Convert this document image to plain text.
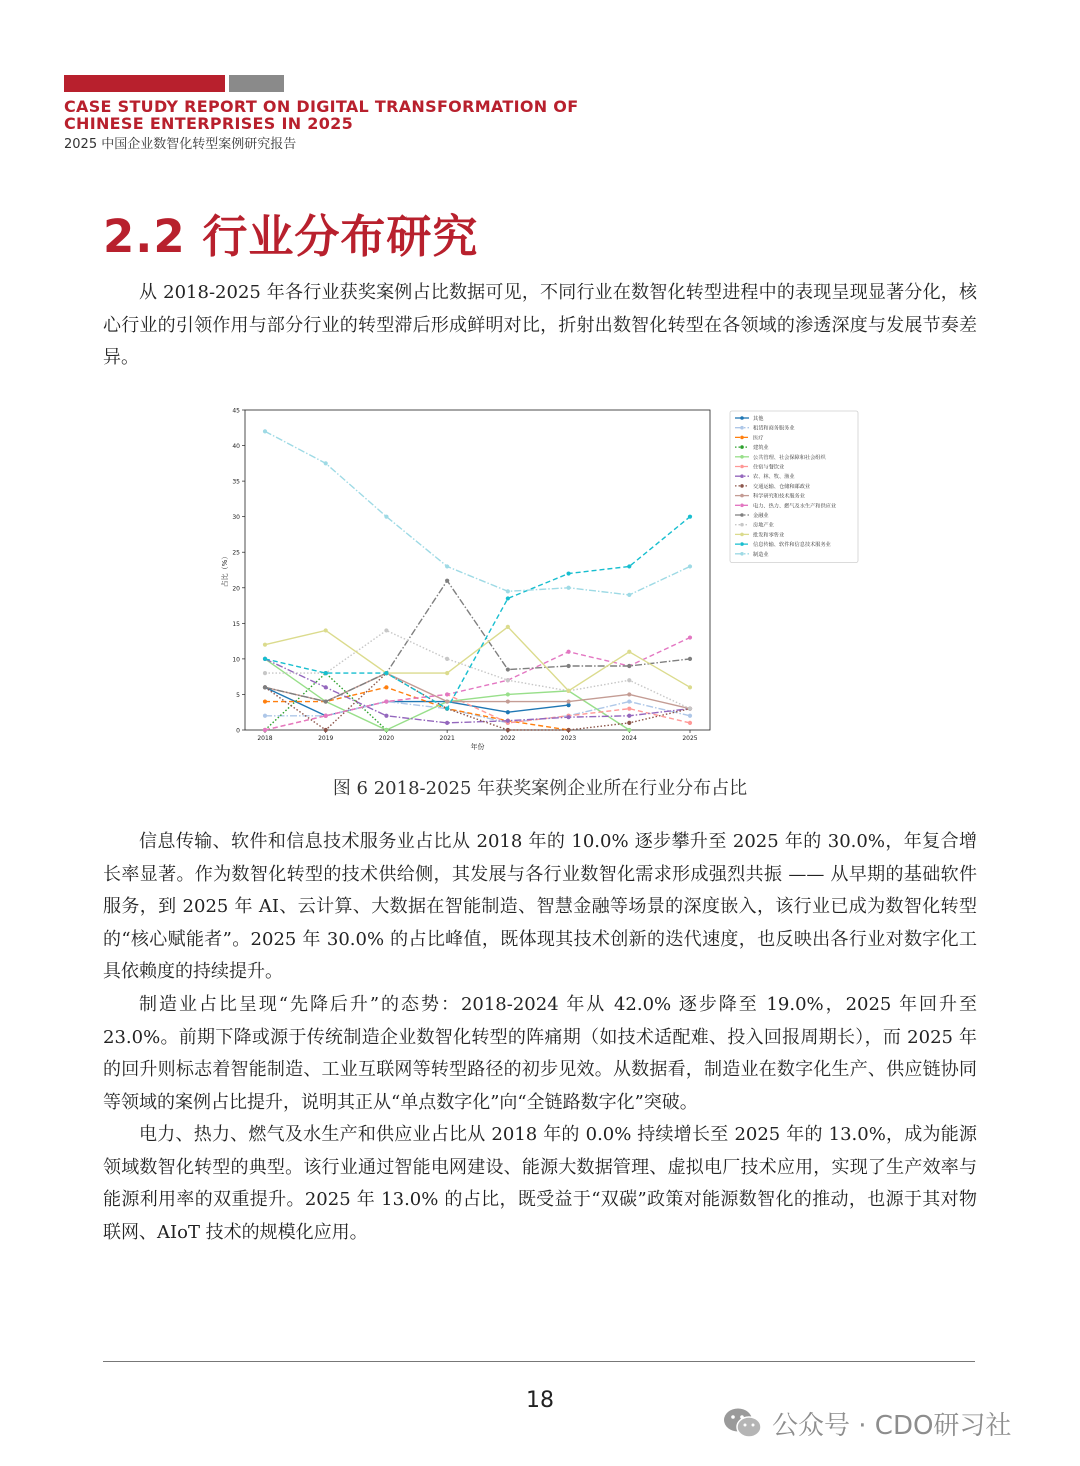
CASE STUDY REPORT ON DIGITAL TRANSFORMATION OF
CHINESE ENTERPRISES IN 2025
2025 中国企业数智化转型案例研究报告
2.2 行业分布研究

从 2018-2025 年各行业获奖案例占比数据可见，不同行业在数智化转型进程中的表现呈现显著分化，核心行业的引领作用与部分行业的转型滞后形成鲜明对比，折射出数智化转型在各领域的渗透深度与发展节奏差异。

0
5
10
15
20
25
30
35
40
45
2018	2019	2020	2021	2022	2023	2024	2025
年份
占比（%）
其他
租赁和商务服务业
医疗
建筑业
公共管理、社会保障和社会组织
住宿与餐饮业
农、林、牧、渔业
交通运输、仓储和邮政业
科学研究和技术服务业
电力、热力、燃气及水生产和供应业
金融业
房地产业
批发和零售业
信息传输、软件和信息技术服务业
制造业
图 6 2018-2025 年获奖案例企业所在行业分布占比

信息传输、软件和信息技术服务业占比从 2018 年的 10.0% 逐步攀升至 2025 年的 30.0%，年复合增长率显著。作为数智化转型的技术供给侧，其发展与各行业数智化需求形成强烈共振 —— 从早期的基础软件服务，到 2025 年 AI、云计算、大数据在智能制造、智慧金融等场景的深度嵌入，该行业已成为数智化转型的“核心赋能者”。2025 年 30.0% 的占比峰值，既体现其技术创新的迭代速度，也反映出各行业对数字化工具依赖度的持续提升。

制造业占比呈现“先降后升”的态势：2018-2024 年从 42.0% 逐步降至 19.0%，2025 年回升至 23.0%。前期下降或源于传统制造企业数智化转型的阵痛期（如技术适配难、投入回报周期长），而 2025 年的回升则标志着智能制造、工业互联网等转型路径的初步见效。从数据看，制造业在数字化生产、供应链协同等领域的案例占比提升，说明其正从“单点数字化”向“全链路数字化”突破。

电力、热力、燃气及水生产和供应业占比从 2018 年的 0.0% 持续增长至 2025 年的 13.0%，成为能源领域数智化转型的典型。该行业通过智能电网建设、能源大数据管理、虚拟电厂技术应用，实现了生产效率与能源利用率的双重提升。2025 年 13.0% 的占比，既受益于“双碳”政策对能源数智化的推动，也源于其对物联网、AIoT 技术的规模化应用。

18
公众号 · CDO研习社
